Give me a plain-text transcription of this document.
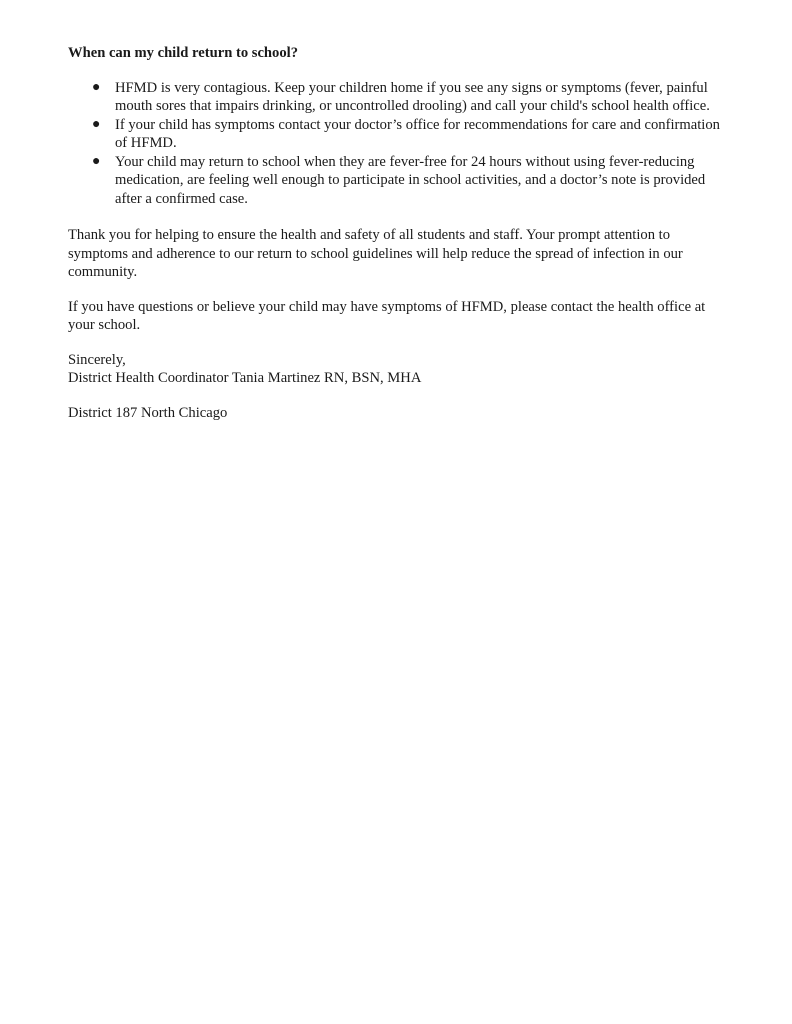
When can my child return to school?
● HFMD is very contagious. Keep your children home if you see any signs or symptoms (fever, painful mouth sores that impairs drinking, or uncontrolled drooling) and call your child's school health office.
● If your child has symptoms contact your doctor’s office for recommendations for care and confirmation of HFMD.
● Your child may return to school when they are fever-free for 24 hours without using fever-reducing medication, are feeling well enough to participate in school activities, and a doctor’s note is provided after a confirmed case.

Thank you for helping to ensure the health and safety of all students and staff. Your prompt attention to symptoms and adherence to our return to school guidelines will help reduce the spread of infection in our community.

If you have questions or believe your child may have symptoms of HFMD, please contact the health office at your school.

Sincerely,
District Health Coordinator Tania Martinez RN, BSN, MHA

District 187 North Chicago
